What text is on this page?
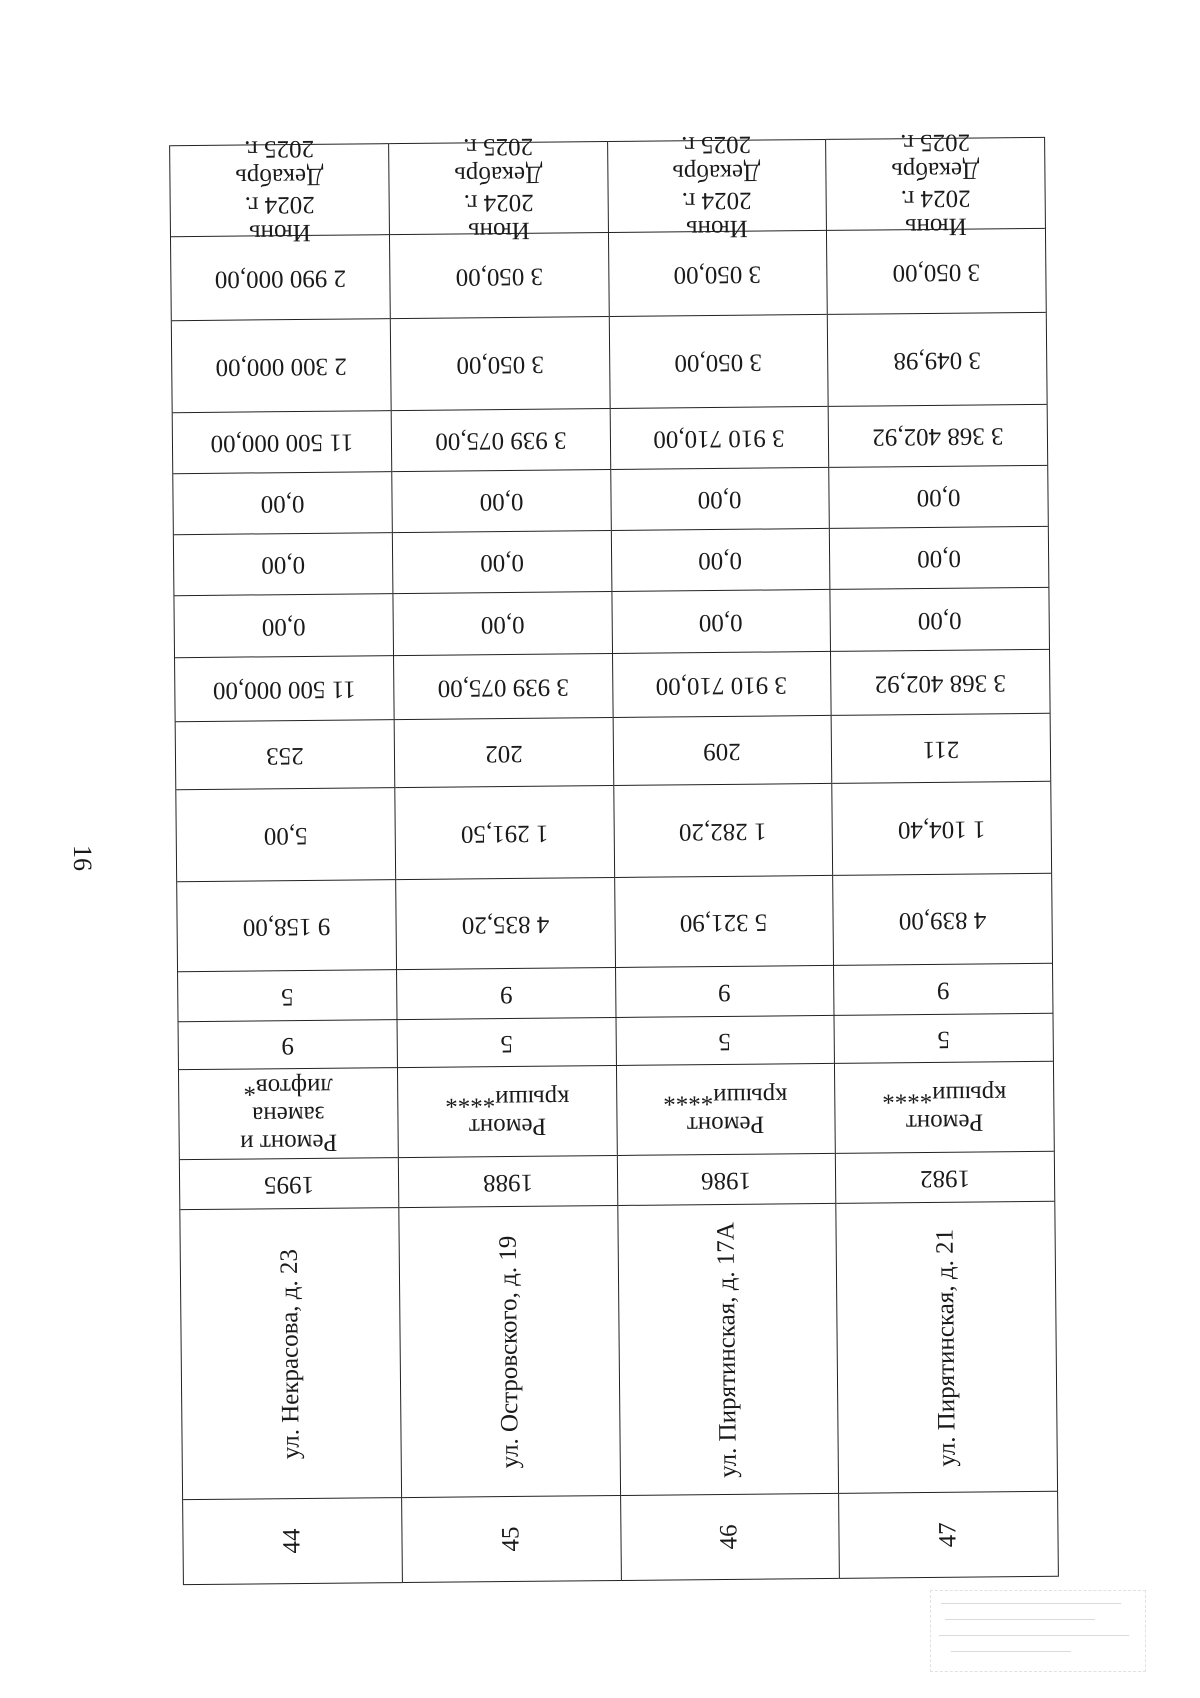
16
Июнь 2024 г.
Декабрь 2025 г.
2 990 000,00
2 300 000,00
11 500 000,00
0,00
0,00
0,00
11 500 000,00
253
5,00
9 158,00
5
9
Ремонт и замена
лифтов*
1995
ул. Некрасова, д. 23
44
Июнь 2024 г.
Декабрь 2025 г.
3 050,00
3 050,00
3 939 075,00
0,00
0,00
0,00
3 939 075,00
202
1 291,50
4 835,20
9
5
Ремонт крыши****
1988
ул. Островского, д. 19
45
Июнь 2024 г.
Декабрь 2025 г.
3 050,00
3 050,00
3 910 710,00
0,00
0,00
0,00
3 910 710,00
209
1 282,20
5 321,90
9
5
Ремонт крыши****
1986
ул. Пирятинская, д. 17А
46
Июнь 2024 г.
Декабрь 2025 г.
3 050,00
3 049,98
3 368 402,92
0,00
0,00
0,00
3 368 402,92
211
1 104,40
4 839,00
9
5
Ремонт крыши****
1982
ул. Пирятинская, д. 21
47
